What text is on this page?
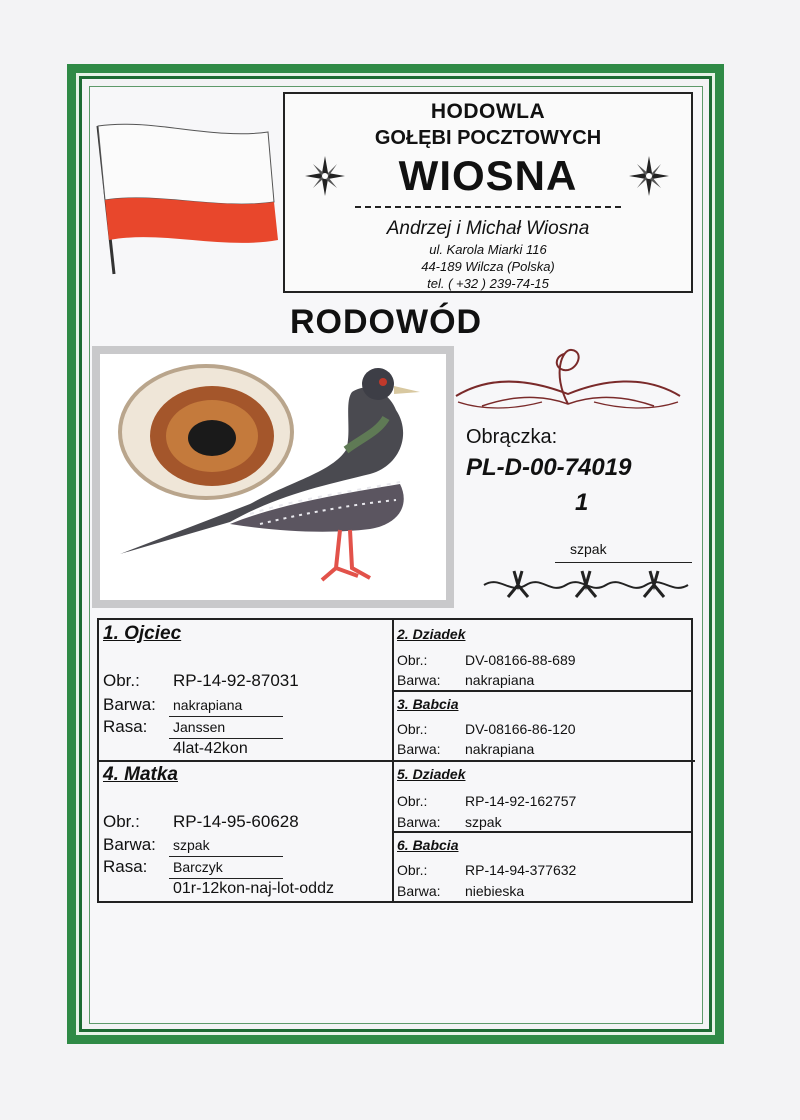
HODOWLA
GOŁĘBI POCZTOWYCH
WIOSNA
Andrzej i Michał Wiosna
ul. Karola Miarki 116
44-189 Wilcza (Polska)
tel. ( +32 ) 239-74-15
RODOWÓD
Obrączka:
PL-D-00-74019
1
szpak
1. Ojciec
Obr.: RP-14-92-87031
Barwa: nakrapiana
Rasa: Janssen
4lat-42kon
2. Dziadek
Obr.:	DV-08166-88-689
Barwa: nakrapiana
3. Babcia
Obr.:	DV-08166-86-120
Barwa: nakrapiana
4. Matka
Obr.: RP-14-95-60628
Barwa: szpak
Rasa: Barczyk
01r-12kon-naj-lot-oddz
5. Dziadek
Obr.:	RP-14-92-162757
Barwa: szpak
6. Babcia
Obr.:	RP-14-94-377632
Barwa: niebieska
